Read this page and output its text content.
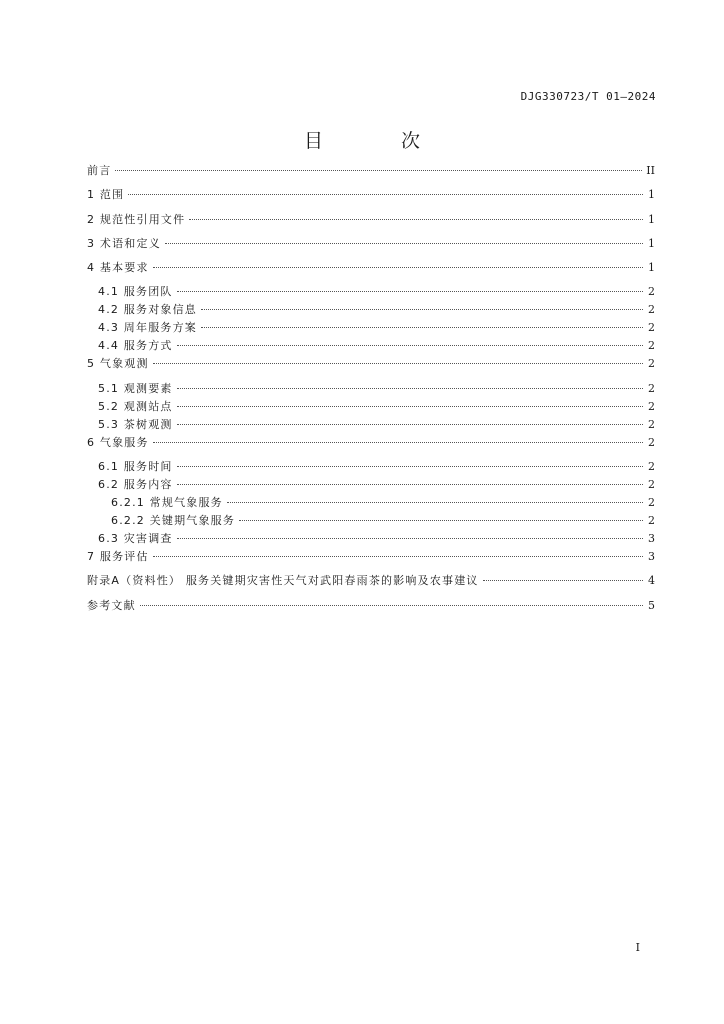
DJG330723/T 01—2024
目 次
前言	II
1 范围	1
2 规范性引用文件	1
3 术语和定义	1
4 基本要求	1
4.1 服务团队	2
4.2 服务对象信息	2
4.3 周年服务方案	2
4.4 服务方式	2
5 气象观测	2
5.1 观测要素	2
5.2 观测站点	2
5.3 茶树观测	2
6 气象服务	2
6.1 服务时间	2
6.2 服务内容	2
6.2.1 常规气象服务	2
6.2.2 关键期气象服务	2
6.3 灾害调查	3
7 服务评估	3
附录A（资料性） 服务关键期灾害性天气对武阳春雨茶的影响及农事建议	4
参考文献	5
I
